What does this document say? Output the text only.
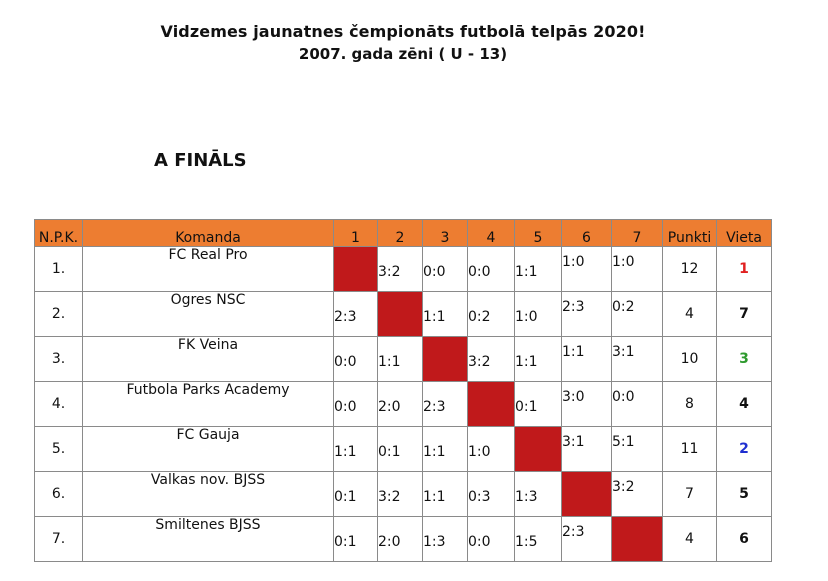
Vidzemes jaunatnes čempionāts futbolā telpās 2020!
2007. gada zēni ( U - 13)
A FINĀLS
N.P.K.	Komanda	1	2	3	4	5	6	7	Punkti	Vieta
1.	FC Real Pro		3:2	0:0	0:0	1:1	1:0	1:0	12	1
2.	Ogres NSC	2:3		1:1	0:2	1:0	2:3	0:2	4	7
3.	FK Veina	0:0	1:1		3:2	1:1	1:1	3:1	10	3
4.	Futbola Parks Academy	0:0	2:0	2:3		0:1	3:0	0:0	8	4
5.	FC Gauja	1:1	0:1	1:1	1:0		3:1	5:1	11	2
6.	Valkas nov. BJSS	0:1	3:2	1:1	0:3	1:3		3:2	7	5
7.	Smiltenes BJSS	0:1	2:0	1:3	0:0	1:5	2:3		4	6
